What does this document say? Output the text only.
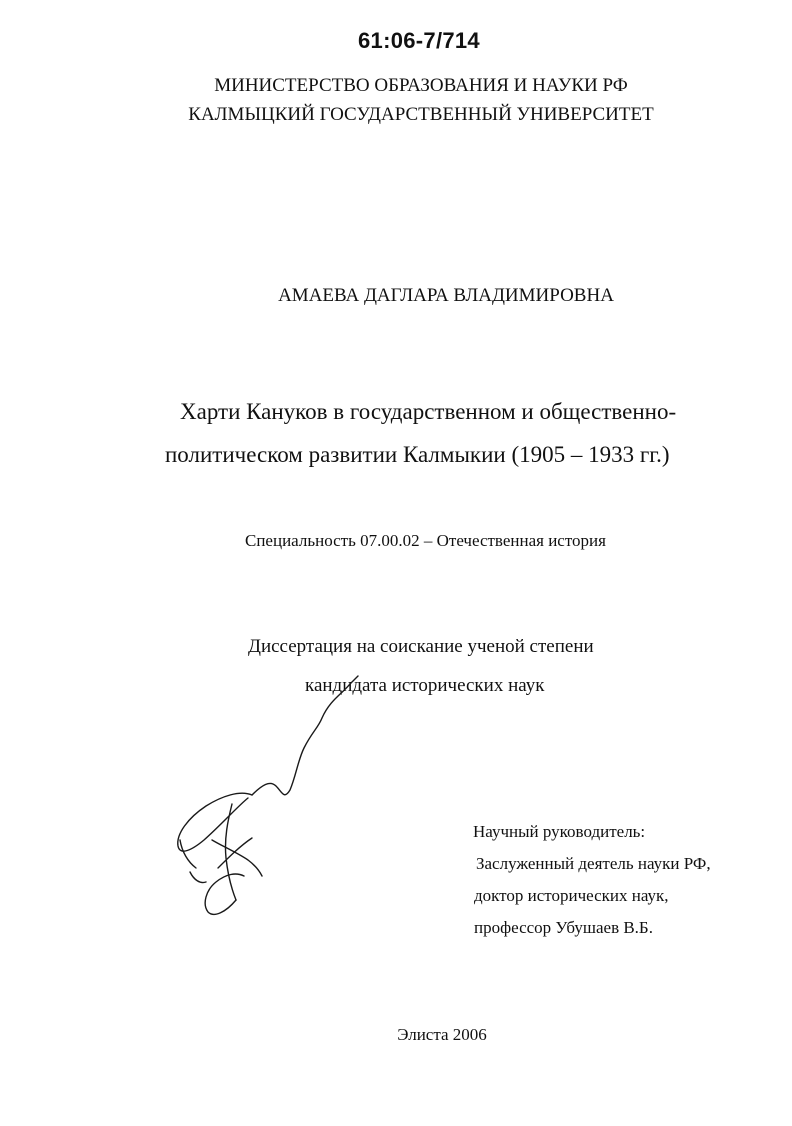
61:06-7/714
МИНИСТЕРСТВО ОБРАЗОВАНИЯ И НАУКИ РФ
КАЛМЫЦКИЙ ГОСУДАРСТВЕННЫЙ УНИВЕРСИТЕТ
АМАЕВА ДАГЛАРА ВЛАДИМИРОВНА
Харти Кануков в государственном и общественно-
политическом развитии Калмыкии (1905 – 1933 гг.)
Специальность 07.00.02 – Отечественная история
Диссертация на соискание ученой степени
кандидата исторических наук
Научный руководитель:
Заслуженный деятель науки РФ,
доктор исторических наук,
профессор Убушаев В.Б.
Элиста 2006
